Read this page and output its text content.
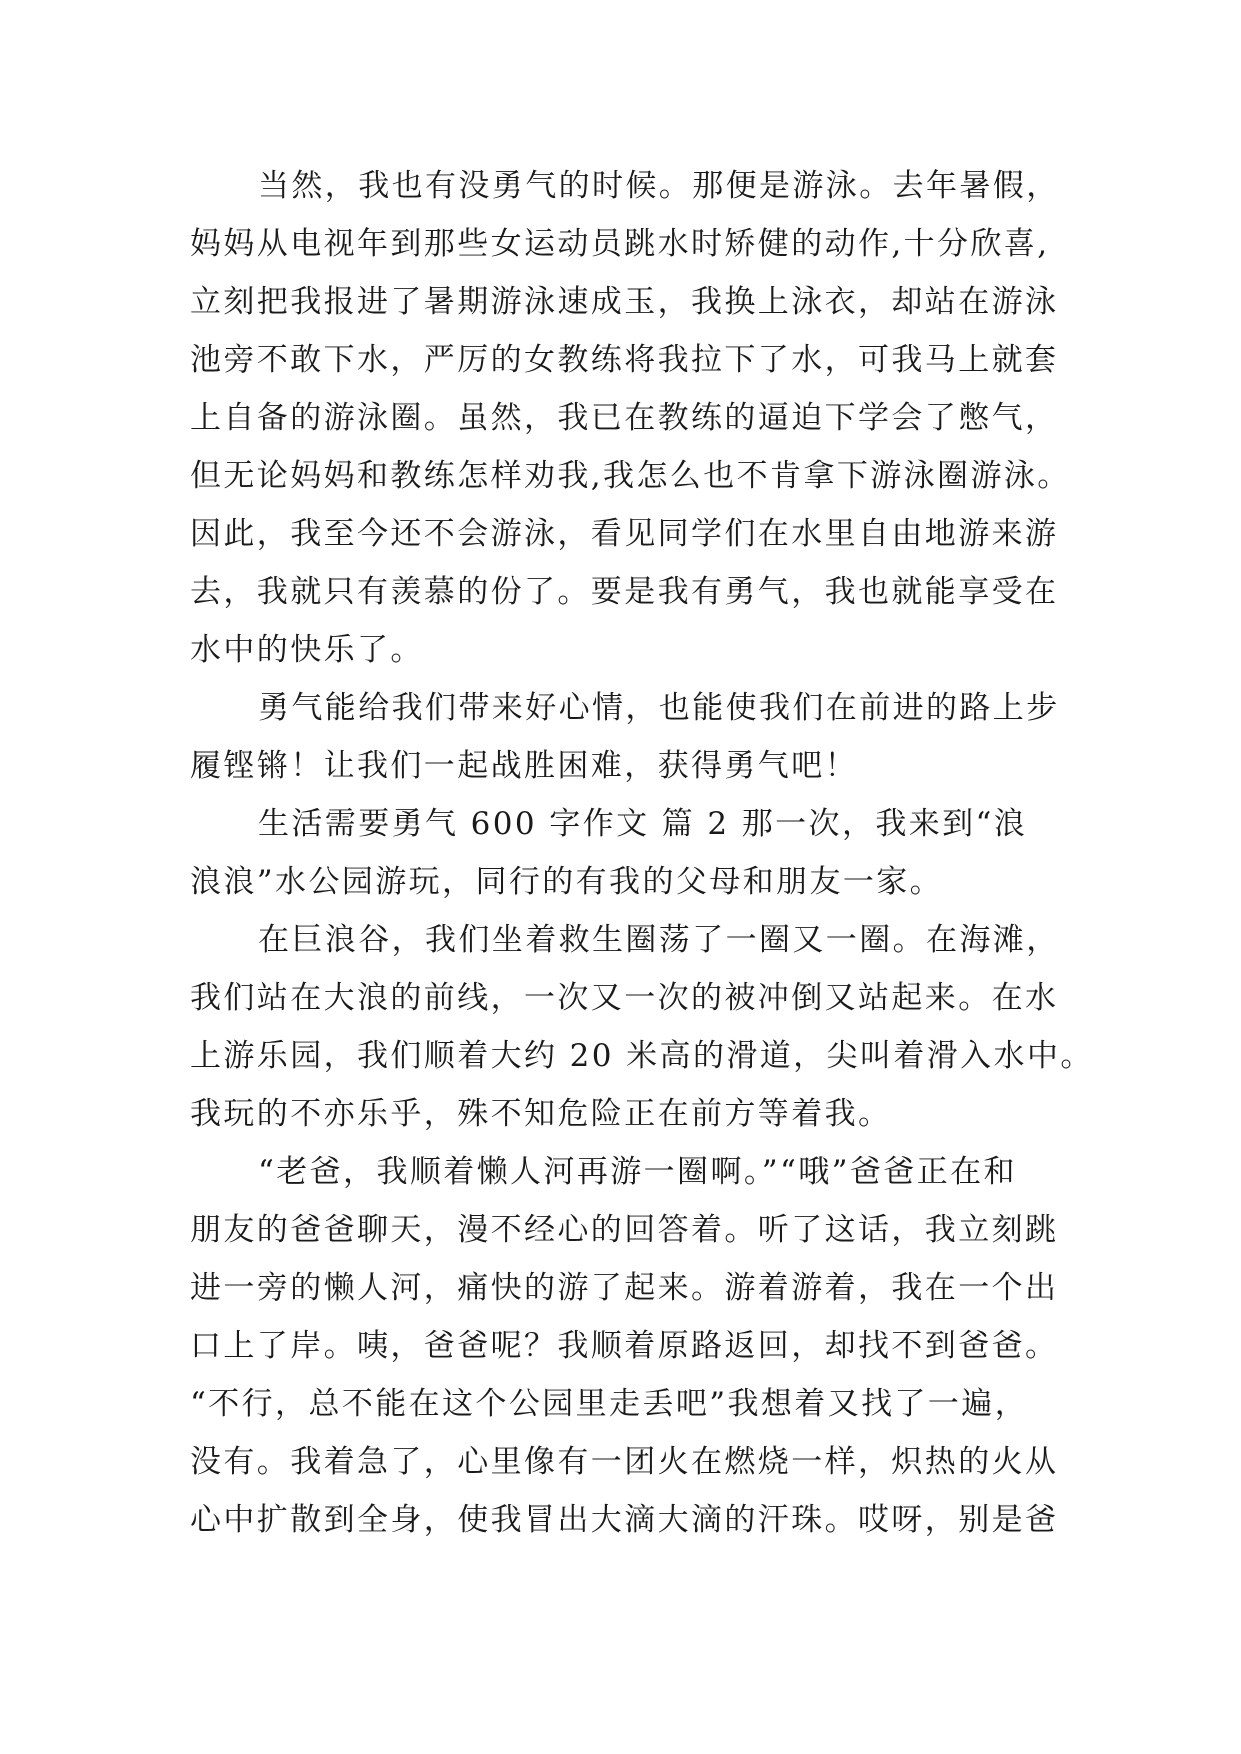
当然，我也有没勇气的时候。那便是游泳。去年暑假，
妈妈从电视年到那些女运动员跳水时矫健的动作,十分欣喜,
立刻把我报进了暑期游泳速成玉，我换上泳衣，却站在游泳
池旁不敢下水，严厉的女教练将我拉下了水，可我马上就套
上自备的游泳圈。虽然，我已在教练的逼迫下学会了憋气，
但无论妈妈和教练怎样劝我,我怎么也不肯拿下游泳圈游泳。
因此，我至今还不会游泳，看见同学们在水里自由地游来游
去，我就只有羡慕的份了。要是我有勇气，我也就能享受在
水中的快乐了。
勇气能给我们带来好心情，也能使我们在前进的路上步
履铿锵！让我们一起战胜困难，获得勇气吧！
生活需要勇气 600 字作文 篇 2 那一次，我来到“浪
浪浪”水公园游玩，同行的有我的父母和朋友一家。
在巨浪谷，我们坐着救生圈荡了一圈又一圈。在海滩，
我们站在大浪的前线，一次又一次的被冲倒又站起来。在水
上游乐园，我们顺着大约 20 米高的滑道，尖叫着滑入水中。
我玩的不亦乐乎，殊不知危险正在前方等着我。
“老爸，我顺着懒人河再游一圈啊。”“哦”爸爸正在和
朋友的爸爸聊天，漫不经心的回答着。听了这话，我立刻跳
进一旁的懒人河，痛快的游了起来。游着游着，我在一个出
口上了岸。咦，爸爸呢？我顺着原路返回，却找不到爸爸。
“不行，总不能在这个公园里走丢吧”我想着又找了一遍，
没有。我着急了，心里像有一团火在燃烧一样，炽热的火从
心中扩散到全身，使我冒出大滴大滴的汗珠。哎呀，别是爸
